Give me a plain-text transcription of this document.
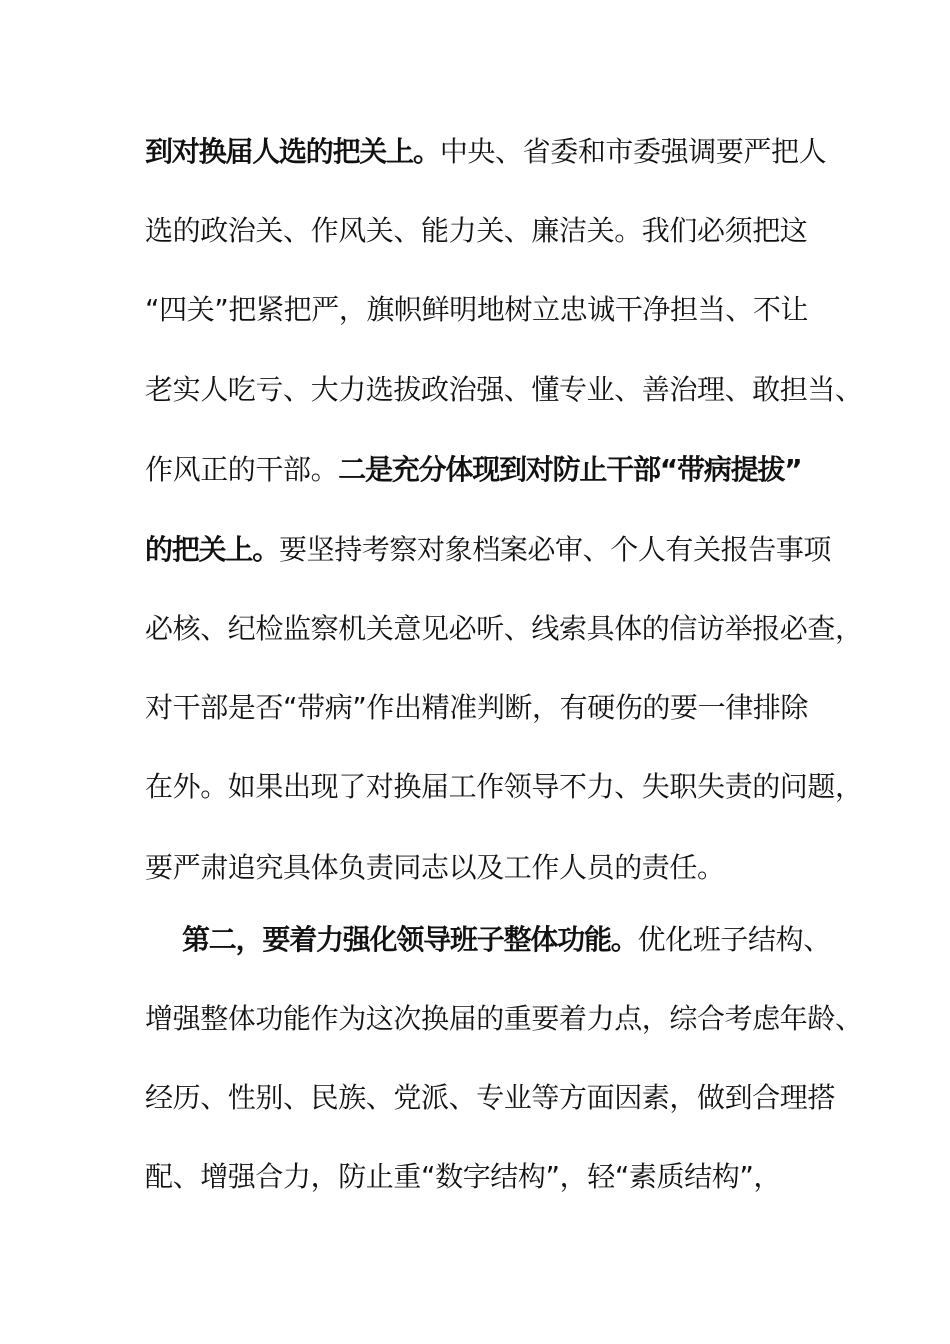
到对换届人选的把关上。中央、省委和市委强调要严把人
选的政治关、作风关、能力关、廉洁关。我们必须把这
“四关”把紧把严，旗帜鲜明地树立忠诚干净担当、不让
老实人吃亏、大力选拔政治强、懂专业、善治理、敢担当、
作风正的干部。二是充分体现到对防止干部“带病提拔”
的把关上。要坚持考察对象档案必审、个人有关报告事项
必核、纪检监察机关意见必听、线索具体的信访举报必查，
对干部是否“带病”作出精准判断，有硬伤的要一律排除
在外。如果出现了对换届工作领导不力、失职失责的问题，
要严肃追究具体负责同志以及工作人员的责任。
第二，要着力强化领导班子整体功能。优化班子结构、
增强整体功能作为这次换届的重要着力点，综合考虑年龄、
经历、性别、民族、党派、专业等方面因素，做到合理搭
配、增强合力，防止重“数字结构”，轻“素质结构”，
